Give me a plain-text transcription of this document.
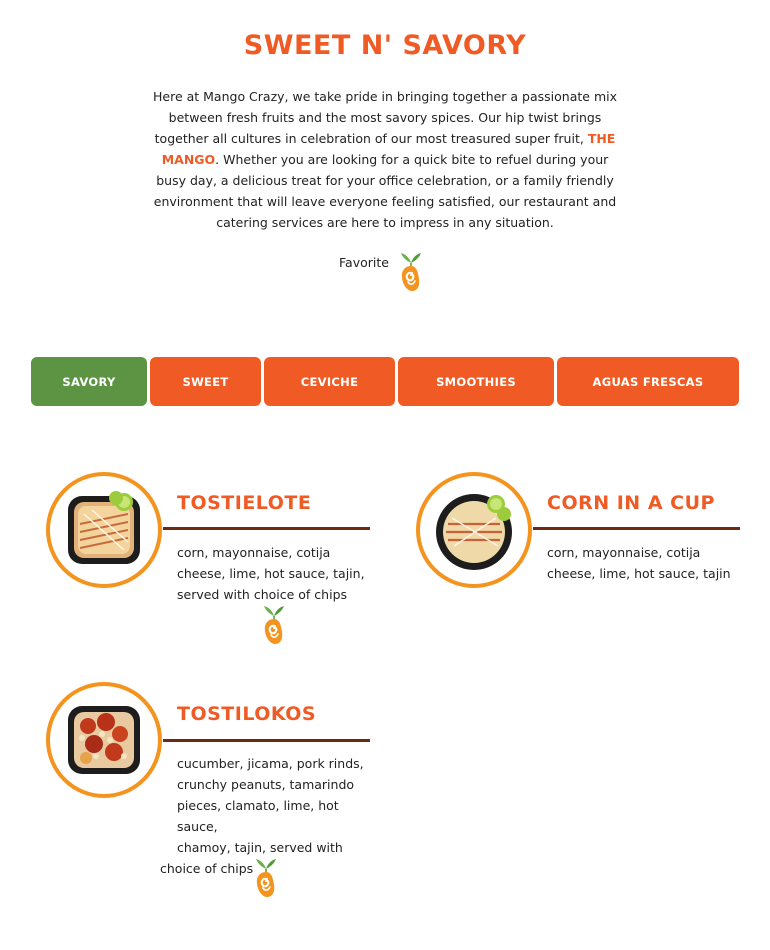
SWEET N' SAVORY
Here at Mango Crazy, we take pride in bringing together a passionate mix between fresh fruits and the most savory spices. Our hip twist brings together all cultures in celebration of our most treasured super fruit, THE MANGO. Whether you are looking for a quick bite to refuel during your busy day, a delicious treat for your office celebration, or a family friendly environment that will leave everyone feeling satisfied, our restaurant and catering services are here to impress in any situation.
Favorite
SAVORY	SWEET	CEVICHE	SMOOTHIES	AGUAS FRESCAS
TOSTIELOTE
corn, mayonnaise, cotija cheese, lime, hot sauce, tajin, served with choice of chips
CORN IN A CUP
corn, mayonnaise, cotija cheese, lime, hot sauce, tajin
TOSTILOKOS
cucumber, jicama, pork rinds,
crunchy peanuts, tamarindo
pieces, clamato, lime, hot sauce,
chamoy, tajin, served with
choice of chips
